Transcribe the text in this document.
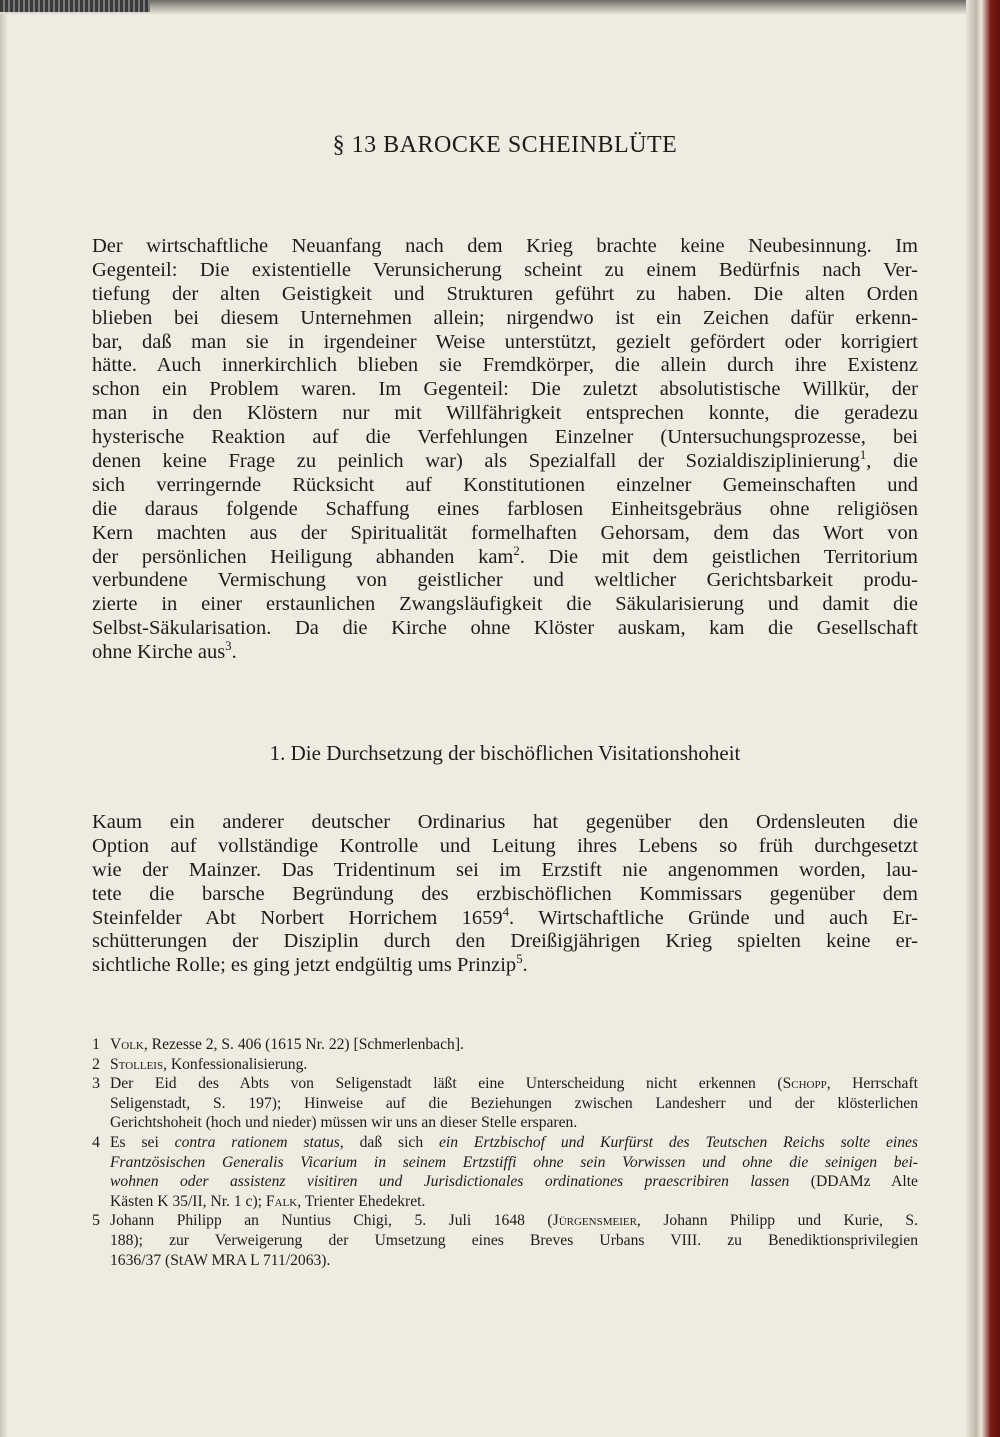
§ 13 BAROCKE SCHEINBLÜTE
Der wirtschaftliche Neuanfang nach dem Krieg brachte keine Neubesinnung. Im
Gegenteil: Die existentielle Verunsicherung scheint zu einem Bedürfnis nach Ver-
tiefung der alten Geistigkeit und Strukturen geführt zu haben. Die alten Orden
blieben bei diesem Unternehmen allein; nirgendwo ist ein Zeichen dafür erkenn-
bar, daß man sie in irgendeiner Weise unterstützt, gezielt gefördert oder korrigiert
hätte. Auch innerkirchlich blieben sie Fremdkörper, die allein durch ihre Existenz
schon ein Problem waren. Im Gegenteil: Die zuletzt absolutistische Willkür, der
man in den Klöstern nur mit Willfährigkeit entsprechen konnte, die geradezu
hysterische Reaktion auf die Verfehlungen Einzelner (Untersuchungsprozesse, bei
denen keine Frage zu peinlich war) als Spezialfall der Sozialdisziplinierung$^1$, die
sich verringernde Rücksicht auf Konstitutionen einzelner Gemeinschaften und
die daraus folgende Schaffung eines farblosen Einheitsgebräus ohne religiösen
Kern machten aus der Spiritualität formelhaften Gehorsam, dem das Wort von
der persönlichen Heiligung abhanden kam$^2$. Die mit dem geistlichen Territorium
verbundene Vermischung von geistlicher und weltlicher Gerichtsbarkeit produ-
zierte in einer erstaunlichen Zwangsläufigkeit die Säkularisierung und damit die
Selbst-Säkularisation. Da die Kirche ohne Klöster auskam, kam die Gesellschaft
ohne Kirche aus$^3$.
1. Die Durchsetzung der bischöflichen Visitationshoheit
Kaum ein anderer deutscher Ordinarius hat gegenüber den Ordensleuten die
Option auf vollständige Kontrolle und Leitung ihres Lebens so früh durchgesetzt
wie der Mainzer. Das Tridentinum sei im Erzstift nie angenommen worden, lau-
tete die barsche Begründung des erzbischöflichen Kommissars gegenüber dem
Steinfelder Abt Norbert Horrichem 1659$^4$. Wirtschaftliche Gründe und auch Er-
schütterungen der Disziplin durch den Dreißigjährigen Krieg spielten keine er-
sichtliche Rolle; es ging jetzt endgültig ums Prinzip$^5$.
1 Volk, Rezesse 2, S. 406 (1615 Nr. 22) [Schmerlenbach].
2 Stolleis, Konfessionalisierung.
3 Der Eid des Abts von Seligenstadt läßt eine Unterscheidung nicht erkennen (Schopp, Herrschaft
Seligenstadt, S. 197); Hinweise auf die Beziehungen zwischen Landesherr und der klösterlichen
Gerichtshoheit (hoch und nieder) müssen wir uns an dieser Stelle ersparen.
4 Es sei contra rationem status, daß sich ein Ertzbischof und Kurfürst des Teutschen Reichs solte eines
Frantzösischen Generalis Vicarium in seinem Ertzstiffi ohne sein Vorwissen und ohne die seinigen bei-
wohnen oder assistenz visitiren und Jurisdictionales ordinationes praescribiren lassen (DDAMz Alte
Kästen K 35/II, Nr. 1 c); Falk, Trienter Ehedekret.
5 Johann Philipp an Nuntius Chigi, 5. Juli 1648 (Jürgensmeier, Johann Philipp und Kurie, S.
188); zur Verweigerung der Umsetzung eines Breves Urbans VIII. zu Benediktionsprivilegien
1636/37 (StAW MRA L 711/2063).
